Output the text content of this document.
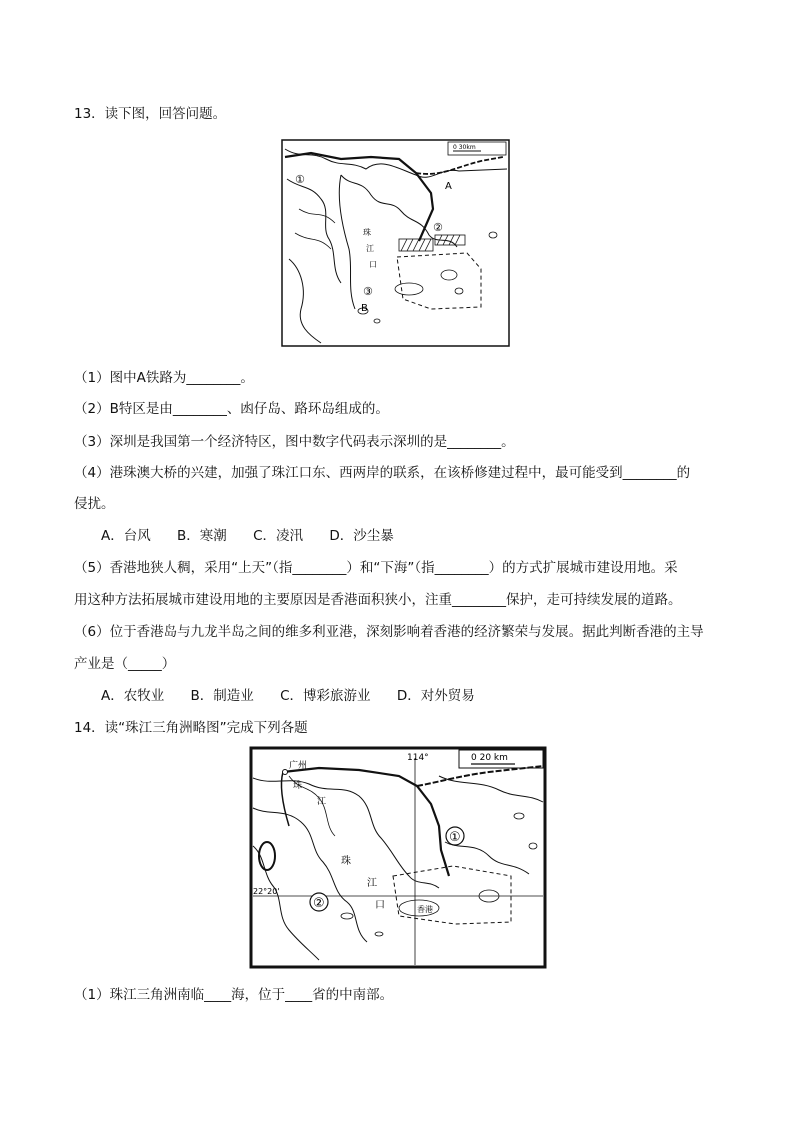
13．读下图，回答问题。
0 30km
①
②
③
A
B
珠
江
口
（1）图中A铁路为________。
（2）B特区是由________、凼仔岛、路环岛组成的。
（3）深圳是我国第一个经济特区，图中数字代码表示深圳的是________。
（4）港珠澳大桥的兴建，加强了珠江口东、西两岸的联系，在该桥修建过程中，最可能受到________的
侵扰。
A．台风 B．寒潮 C．凌汛 D．沙尘暴
（5）香港地狭人稠，采用“上天”（指________）和“下海”（指________）的方式扩展城市建设用地。采
用这种方法拓展城市建设用地的主要原因是香港面积狭小，注重________保护，走可持续发展的道路。
（6）位于香港岛与九龙半岛之间的维多利亚港，深刻影响着香港的经济繁荣与发展。据此判断香港的主导
产业是（_____）
A．农牧业 B．制造业 C．博彩旅游业 D．对外贸易
14．读“珠江三角洲略图”完成下列各题
0 20 km
114°
22°20'
①
②
广州
珠
江
珠
江
口	香港
（1）珠江三角洲南临____海，位于____省的中南部。
